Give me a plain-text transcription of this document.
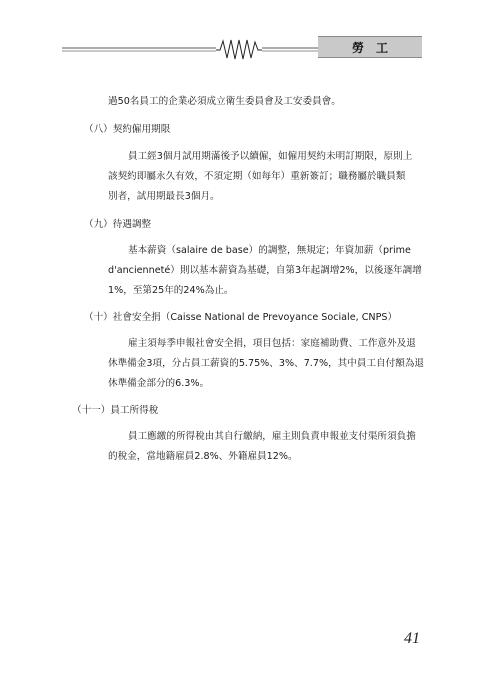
勞工
過50名員工的企業必須成立衛生委員會及工安委員會。
（八）契約僱用期限
員工經3個月試用期滿後予以續僱，如僱用契約未明訂期限，原則上
該契約即屬永久有效，不須定期（如每年）重新簽訂；職務屬於職員類
別者，試用期最長3個月。
（九）待遇調整
基本薪資（salaire de base）的調整，無規定；年資加薪（prime
d'ancienneté）則以基本薪資為基礎，自第3年起調增2%，以後逐年調增
1%，至第25年的24%為止。
（十）社會安全捐（Caisse National de Prevoyance Sociale, CNPS）
雇主須每季申報社會安全捐，項目包括：家庭補助費、工作意外及退
休準備金3項，分占員工薪資的5.75%、3%、7.7%，其中員工自付額為退
休準備金部分的6.3%。
（十一）員工所得稅
員工應繳的所得稅由其自行繳納，雇主則負責申報並支付渠所須負擔
的稅金，當地籍雇員2.8%、外籍雇員12%。
41
